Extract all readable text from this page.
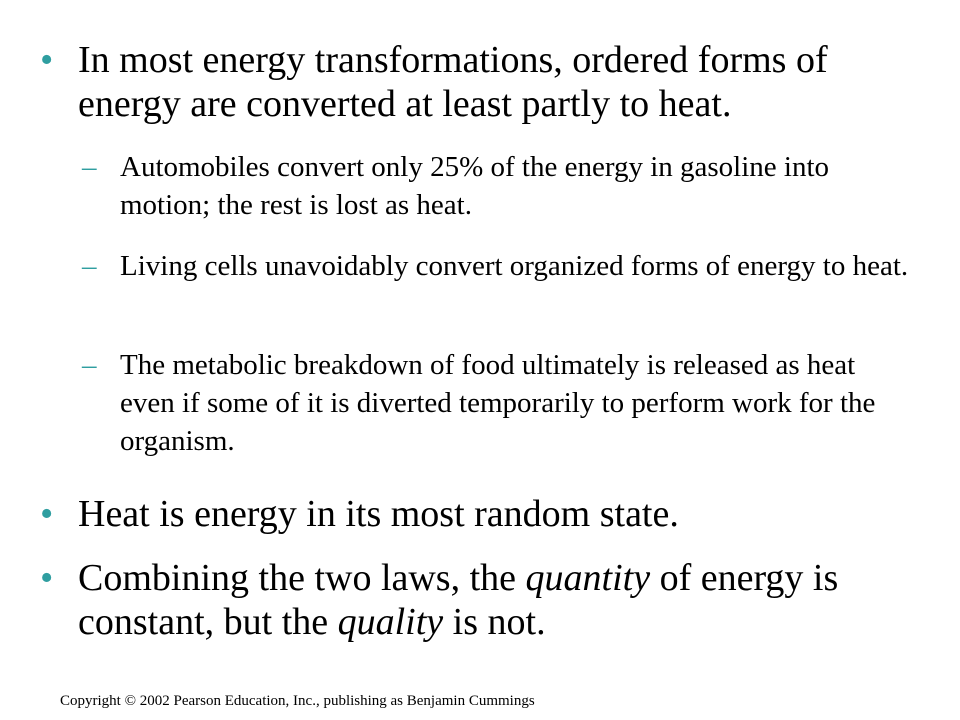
• In most energy transformations, ordered forms of energy are converted at least partly to heat.
– Automobiles convert only 25% of the energy in gasoline into motion; the rest is lost as heat.
– Living cells unavoidably convert organized forms of energy to heat.
– The metabolic breakdown of food ultimately is released as heat even if some of it is diverted temporarily to perform work for the organism.
• Heat is energy in its most random state.
• Combining the two laws, the quantity of energy is constant, but the quality is not.
Copyright © 2002 Pearson Education, Inc., publishing as Benjamin Cummings
